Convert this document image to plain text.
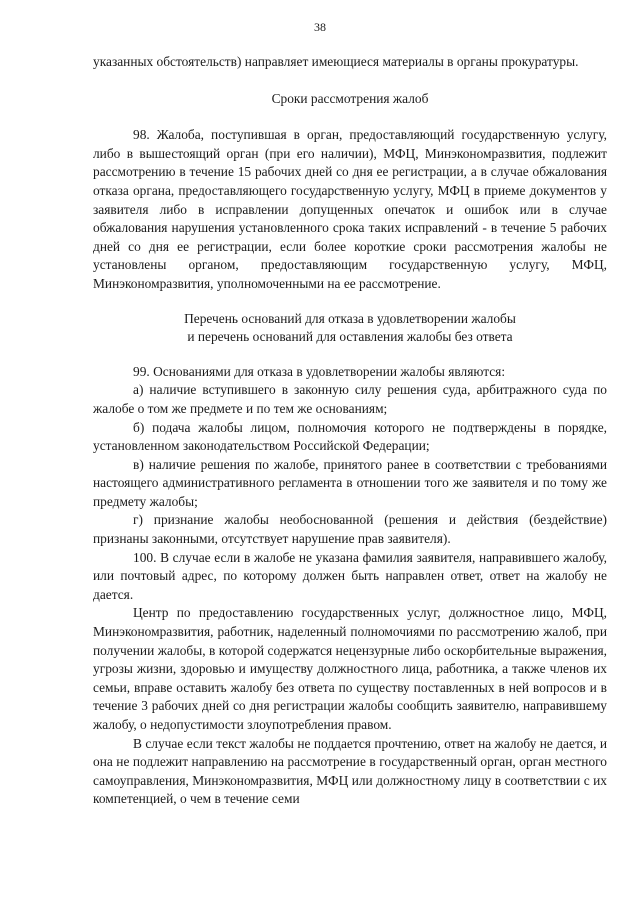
38

указанных обстоятельств) направляет имеющиеся материалы в органы прокуратуры.

Сроки рассмотрения жалоб

98. Жалоба, поступившая в орган, предоставляющий государственную услугу, либо в вышестоящий орган (при его наличии), МФЦ, Минэкономразвития, подлежит рассмотрению в течение 15 рабочих дней со дня ее регистрации, а в случае обжалования отказа органа, предоставляющего государственную услугу, МФЦ в приеме документов у заявителя либо в исправлении допущенных опечаток и ошибок или в случае обжалования нарушения установленного срока таких исправлений - в течение 5 рабочих дней со дня ее регистрации, если более короткие сроки рассмотрения жалобы не установлены органом, предоставляющим государственную услугу, МФЦ, Минэкономразвития, уполномоченными на ее рассмотрение.

Перечень оснований для отказа в удовлетворении жалобы
и перечень оснований для оставления жалобы без ответа

99. Основаниями для отказа в удовлетворении жалобы являются:

а) наличие вступившего в законную силу решения суда, арбитражного суда по жалобе о том же предмете и по тем же основаниям;

б) подача жалобы лицом, полномочия которого не подтверждены в порядке, установленном законодательством Российской Федерации;

в) наличие решения по жалобе, принятого ранее в соответствии с требованиями настоящего административного регламента в отношении того же заявителя и по тому же предмету жалобы;

г) признание жалобы необоснованной (решения и действия (бездействие) признаны законными, отсутствует нарушение прав заявителя).

100. В случае если в жалобе не указана фамилия заявителя, направившего жалобу, или почтовый адрес, по которому должен быть направлен ответ, ответ на жалобу не дается.

Центр по предоставлению государственных услуг, должностное лицо, МФЦ, Минэкономразвития, работник, наделенный полномочиями по рассмотрению жалоб, при получении жалобы, в которой содержатся нецензурные либо оскорбительные выражения, угрозы жизни, здоровью и имуществу должностного лица, работника, а также членов их семьи, вправе оставить жалобу без ответа по существу поставленных в ней вопросов и в течение 3 рабочих дней со дня регистрации жалобы сообщить заявителю, направившему жалобу, о недопустимости злоупотребления правом.

В случае если текст жалобы не поддается прочтению, ответ на жалобу не дается, и она не подлежит направлению на рассмотрение в государственный орган, орган местного самоуправления, Минэкономразвития, МФЦ или должностному лицу в соответствии с их компетенцией, о чем в течение семи
